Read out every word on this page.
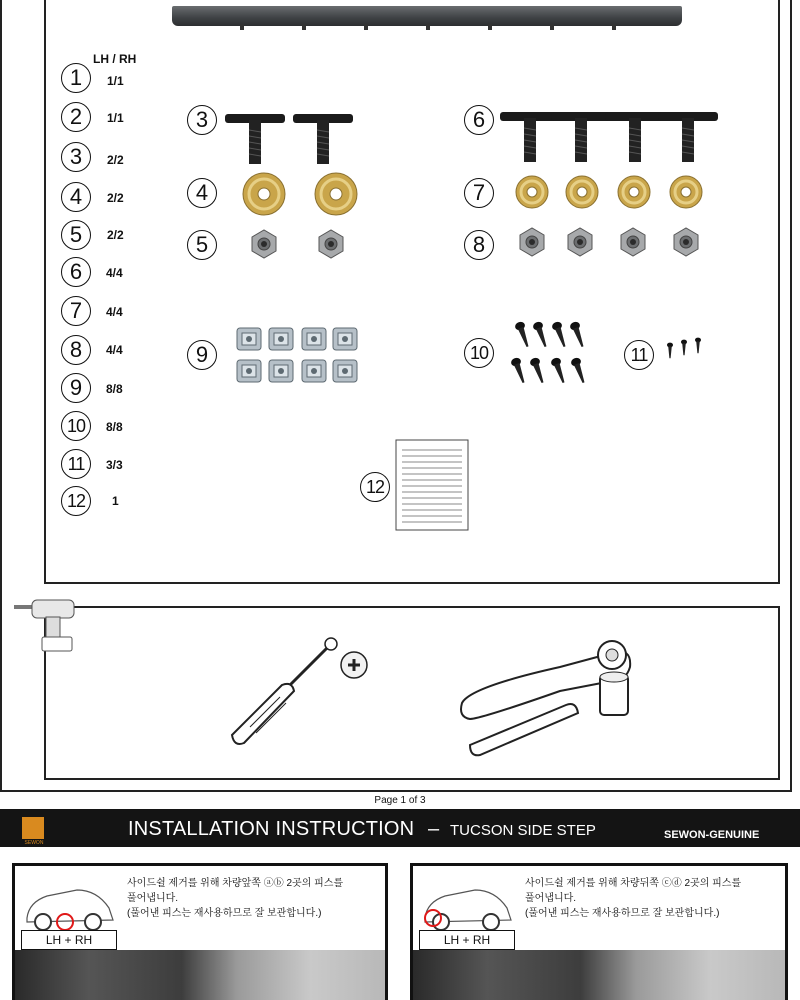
LH / RH
1	1/1
2	1/1
3	2/2
4	2/2
5	2/2
6	4/4
7	4/4
8	4/4
9	8/8
10	8/8
11	3/3
12	1
3
4
5
6
7
8
9	10	11
12
Page 1 of 3
SEWON
INSTALLATION INSTRUCTION – TUCSON SIDE STEP	SEWON-GENUINE
LH + RH
사이드쉴 제거를 위해 차량앞쪽 ⓐⓑ 2곳의 피스를
풀어냅니다.
(풀어낸 피스는 재사용하므로 잘 보관합니다.)
LH + RH
사이드쉴 제거를 위해 차량뒤쪽 ⓒⓓ 2곳의 피스를
풀어냅니다.
(풀어낸 피스는 재사용하므로 잘 보관합니다.)
